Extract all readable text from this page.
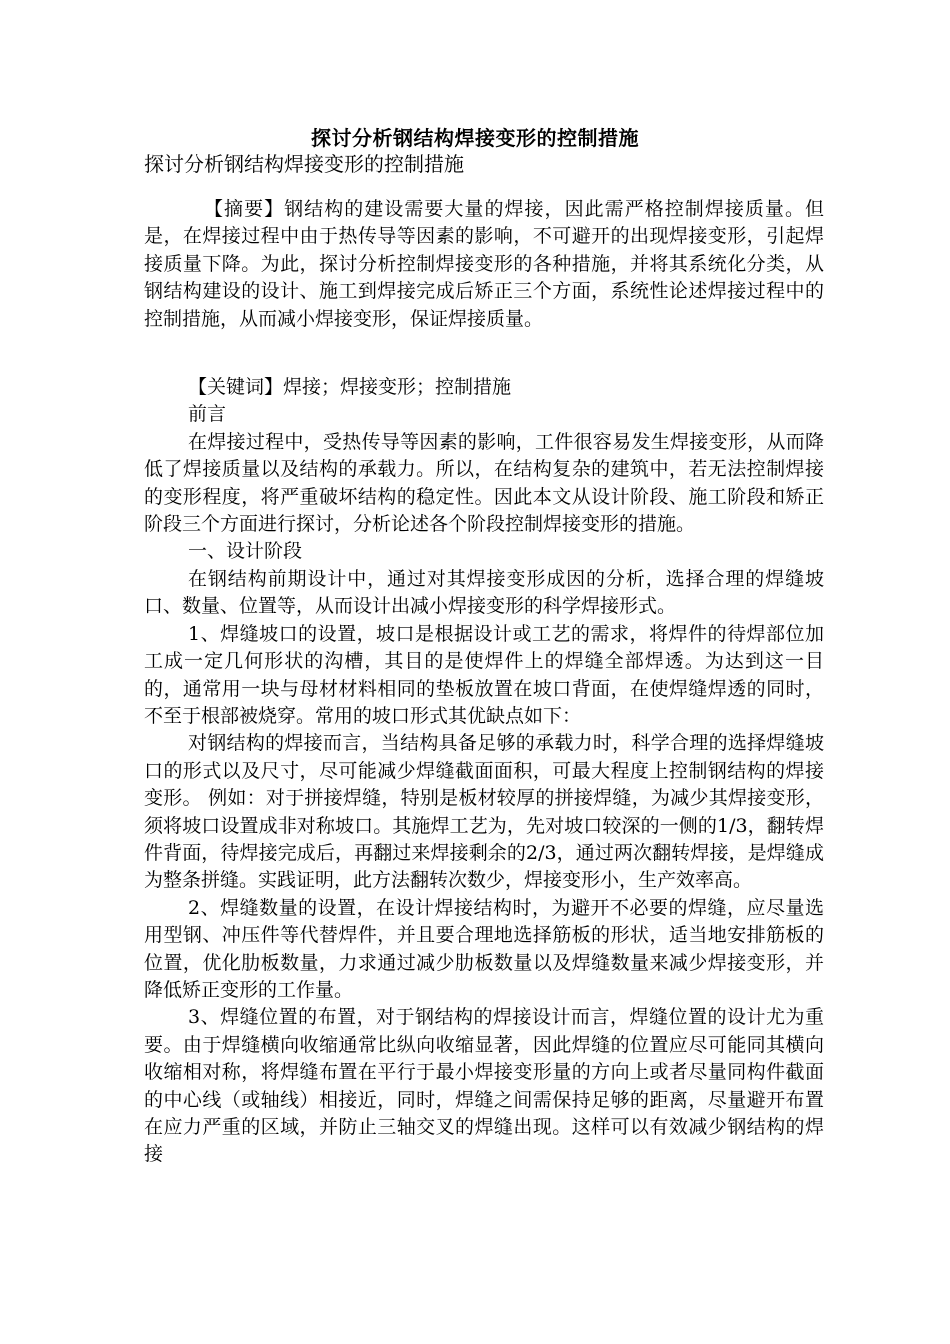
探讨分析钢结构焊接变形的控制措施
探讨分析钢结构焊接变形的控制措施

【摘要】钢结构的建设需要大量的焊接，因此需严格控制焊接质量。但是，在焊接过程中由于热传导等因素的影响，不可避开的出现焊接变形，引起焊接质量下降。为此，探讨分析控制焊接变形的各种措施，并将其系统化分类，从钢结构建设的设计、施工到焊接完成后矫正三个方面，系统性论述焊接过程中的控制措施，从而减小焊接变形，保证焊接质量。

【关键词】焊接；焊接变形；控制措施

前言

在焊接过程中，受热传导等因素的影响，工件很容易发生焊接变形，从而降低了焊接质量以及结构的承载力。所以，在结构复杂的建筑中，若无法控制焊接的变形程度，将严重破坏结构的稳定性。因此本文从设计阶段、施工阶段和矫正阶段三个方面进行探讨，分析论述各个阶段控制焊接变形的措施。

一、设计阶段

在钢结构前期设计中，通过对其焊接变形成因的分析，选择合理的焊缝坡口、数量、位置等，从而设计出减小焊接变形的科学焊接形式。

1、焊缝坡口的设置，坡口是根据设计或工艺的需求，将焊件的待焊部位加工成一定几何形状的沟槽，其目的是使焊件上的焊缝全部焊透。为达到这一目的，通常用一块与母材材料相同的垫板放置在坡口背面，在使焊缝焊透的同时，不至于根部被烧穿。常用的坡口形式其优缺点如下：

对钢结构的焊接而言，当结构具备足够的承载力时，科学合理的选择焊缝坡口的形式以及尺寸，尽可能减少焊缝截面面积，可最大程度上控制钢结构的焊接变形。 例如：对于拼接焊缝，特别是板材较厚的拼接焊缝，为减少其焊接变形，须将坡口设置成非对称坡口。其施焊工艺为，先对坡口较深的一侧的1/3，翻转焊件背面，待焊接完成后，再翻过来焊接剩余的2/3，通过两次翻转焊接，是焊缝成为整条拼缝。实践证明，此方法翻转次数少，焊接变形小，生产效率高。

2、焊缝数量的设置，在设计焊接结构时，为避开不必要的焊缝，应尽量选用型钢、冲压件等代替焊件，并且要合理地选择筋板的形状，适当地安排筋板的位置，优化肋板数量，力求通过减少肋板数量以及焊缝数量来减少焊接变形，并降低矫正变形的工作量。

3、焊缝位置的布置，对于钢结构的焊接设计而言，焊缝位置的设计尤为重要。由于焊缝横向收缩通常比纵向收缩显著，因此焊缝的位置应尽可能同其横向收缩相对称，将焊缝布置在平行于最小焊接变形量的方向上或者尽量同构件截面的中心线（或轴线）相接近，同时，焊缝之间需保持足够的距离，尽量避开布置在应力严重的区域，并防止三轴交叉的焊缝出现。这样可以有效减少钢结构的焊接
